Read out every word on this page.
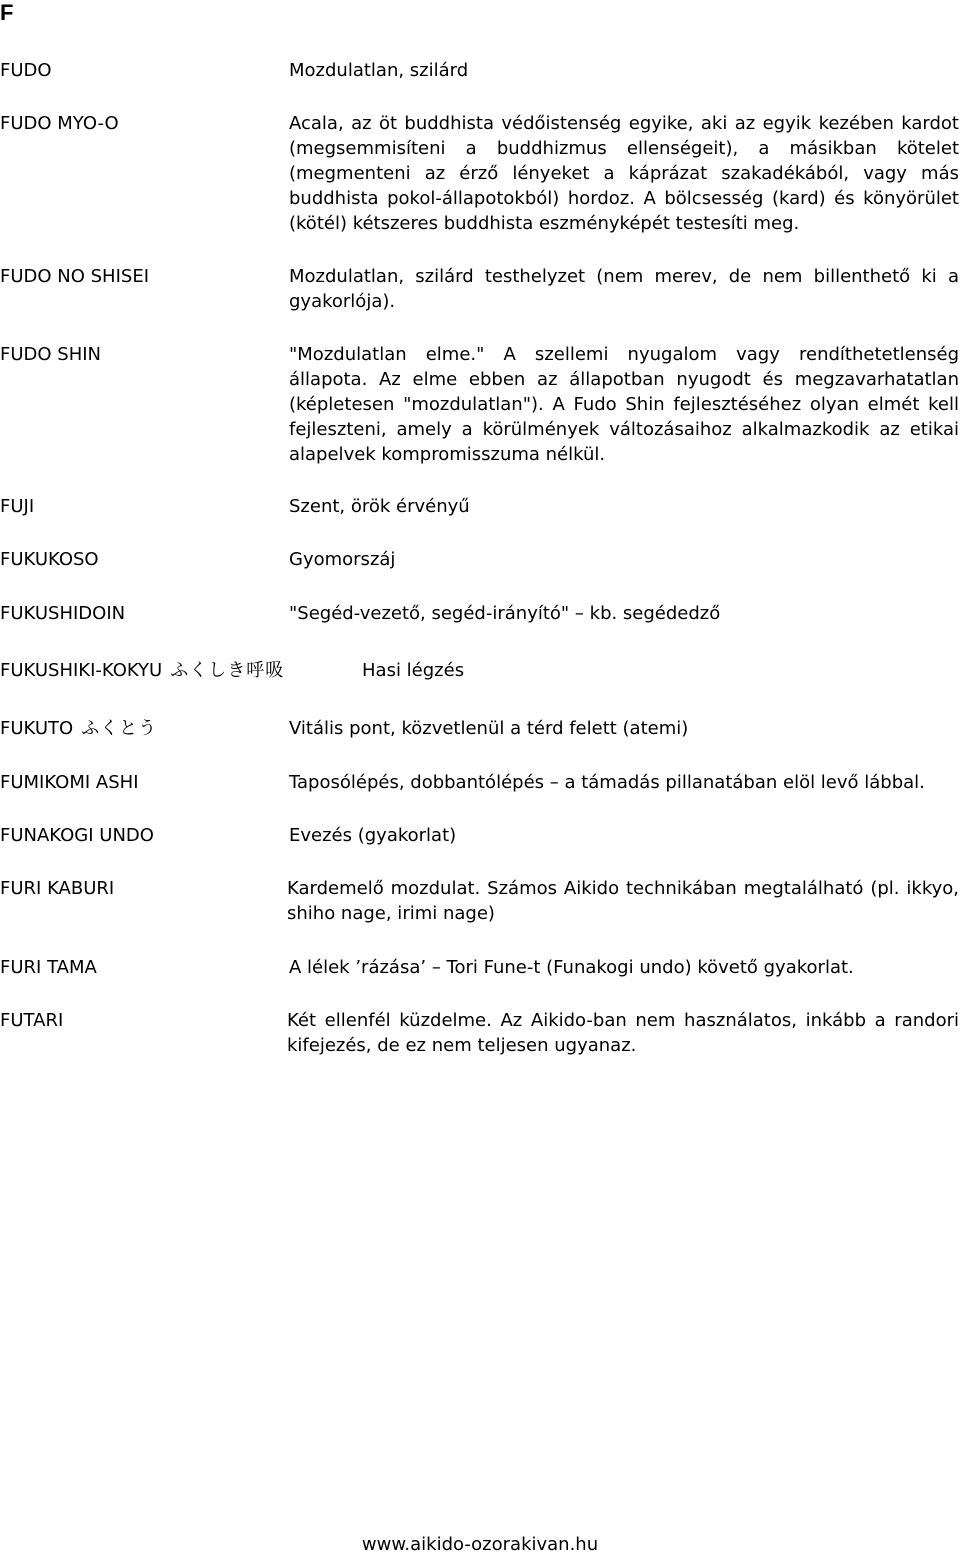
F
FUDO	Mozdulatlan, szilárd
FUDO MYO-O	Acala, az öt buddhista védőistenség egyike, aki az egyik kezében kardot (megsemmisíteni a buddhizmus ellenségeit), a másikban kötelet (megmenteni az érző lényeket a káprázat szakadékából, vagy más buddhista pokol-állapotokból) hordoz. A bölcsesség (kard) és könyörület (kötél) kétszeres buddhista eszményképét testesíti meg.
FUDO NO SHISEI	Mozdulatlan, szilárd testhelyzet (nem merev, de nem billenthető ki a gyakorlója).
FUDO SHIN	"Mozdulatlan elme." A szellemi nyugalom vagy rendíthetetlenség állapota. Az elme ebben az állapotban nyugodt és megzavarhatatlan (képletesen "mozdulatlan"). A Fudo Shin fejlesztéséhez olyan elmét kell fejleszteni, amely a körülmények változásaihoz alkalmazkodik az etikai alapelvek kompromisszuma nélkül.
FUJI	Szent, örök érvényű
FUKUKOSO	Gyomorszáj
FUKUSHIDOIN	"Segéd-vezető, segéd-irányító" – kb. segédedző
FUKUSHIKI-KOKYU ふくしき呼吸	Hasi légzés
FUKUTO ふくとう	Vitális pont, közvetlenül a térd felett (atemi)
FUMIKOMI ASHI	Taposólépés, dobbantólépés – a támadás pillanatában elöl levő lábbal.
FUNAKOGI UNDO	Evezés (gyakorlat)
FURI KABURI	Kardemelő mozdulat. Számos Aikido technikában megtalálható (pl. ikkyo, shiho nage, irimi nage)
FURI TAMA	A lélek ’rázása’ – Tori Fune-t (Funakogi undo) követő gyakorlat.
FUTARI	Két ellenfél küzdelme. Az Aikido-ban nem használatos, inkább a randori kifejezés, de ez nem teljesen ugyanaz.
www.aikido-ozorakivan.hu
